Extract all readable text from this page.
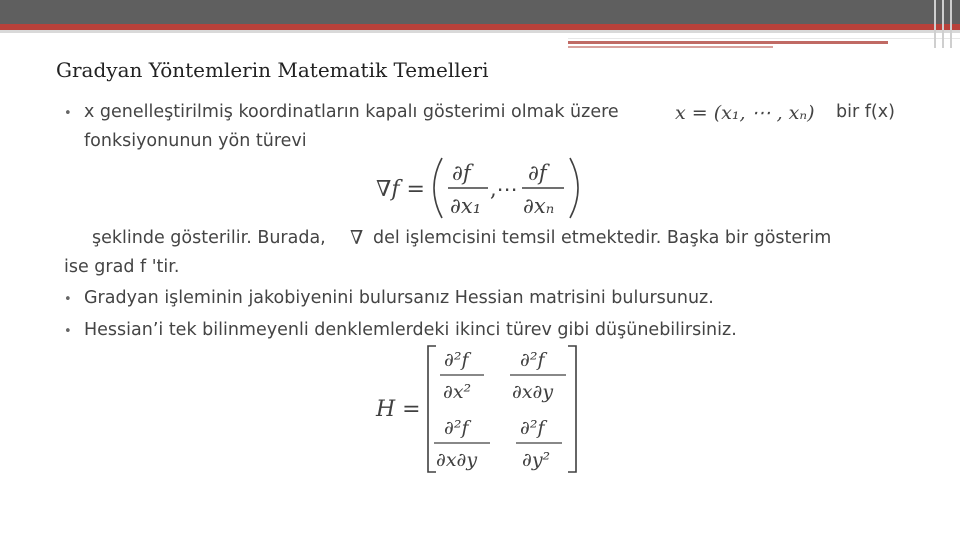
Gradyan Yöntemlerin Matematik Temelleri
• x genelleştirilmiş koordinatların kapalı gösterimi olmak üzere	x = (x₁, ⋯ , xₙ) bir f(x)
fonksiyonunun yön türevi
∇f =
∂f
∂x₁
,⋯
∂f
∂xₙ
H =
∂²f
∂x²
∂²f
∂x∂y
∂²f
∂x∂y
∂²f
∂y²
şeklinde gösterilir. Burada, ∇ del işlemcisini temsil etmektedir. Başka bir gösterim
ise grad f 'tir.
• Gradyan işleminin jakobiyenini bulursanız Hessian matrisini bulursunuz.
• Hessian’i tek bilinmeyenli denklemlerdeki ikinci türev gibi düşünebilirsiniz.
